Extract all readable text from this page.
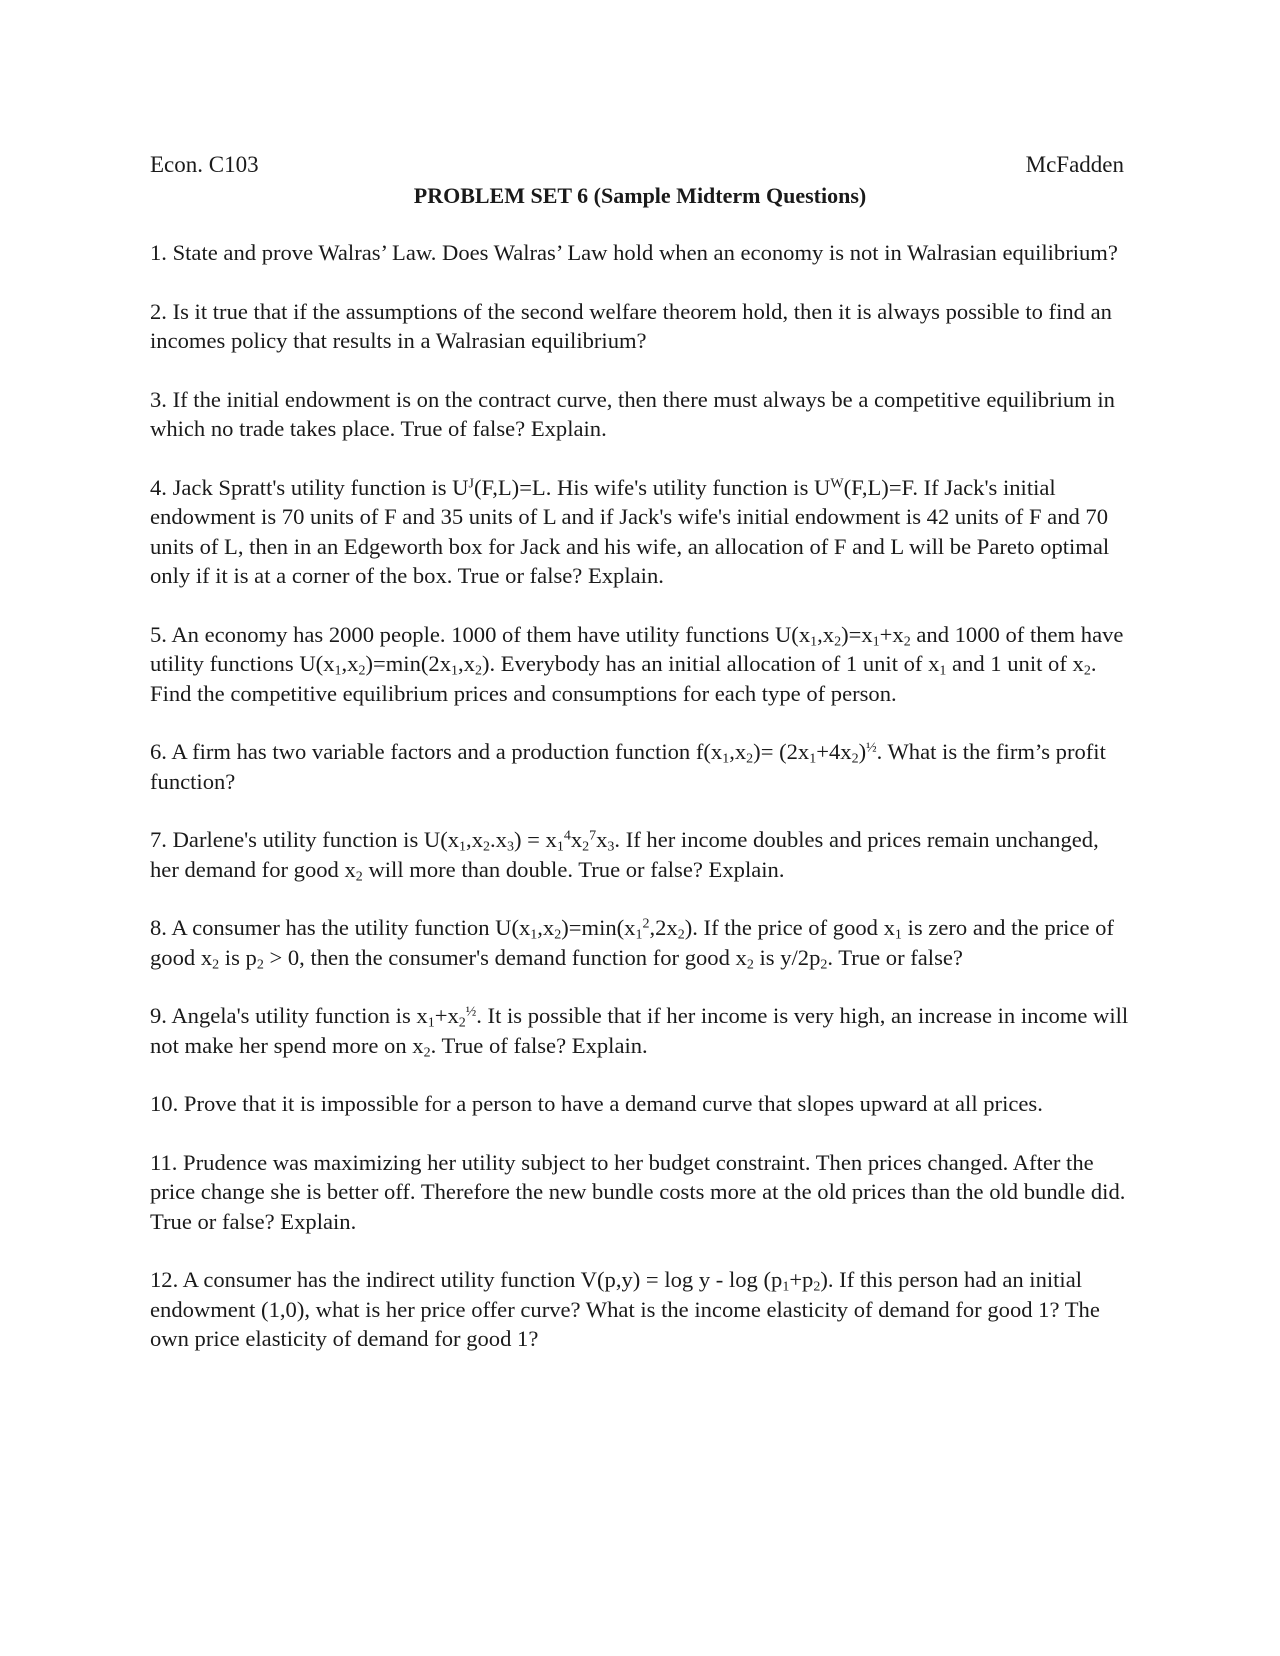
Econ. C103	McFadden
PROBLEM SET 6 (Sample Midterm Questions)

1. State and prove Walras’ Law. Does Walras’ Law hold when an economy is not in Walrasian equilibrium?

2. Is it true that if the assumptions of the second welfare theorem hold, then it is always possible to find an incomes policy that results in a Walrasian equilibrium?

3. If the initial endowment is on the contract curve, then there must always be a competitive equilibrium in which no trade takes place. True of false? Explain.

4. Jack Spratt's utility function is $U^J(F,L)=L$. His wife's utility function is $U^W(F,L)=F$. If Jack's initial endowment is 70 units of F and 35 units of L and if Jack's wife's initial endowment is 42 units of F and 70 units of L, then in an Edgeworth box for Jack and his wife, an allocation of F and L will be Pareto optimal only if it is at a corner of the box. True or false? Explain.

5. An economy has 2000 people. 1000 of them have utility functions $U(x_1,x_2)=x_1+x_2$ and 1000 of them have utility functions $U(x_1,x_2)=\min(2x_1,x_2)$. Everybody has an initial allocation of 1 unit of $x_1$ and 1 unit of $x_2$. Find the competitive equilibrium prices and consumptions for each type of person.

6. A firm has two variable factors and a production function $f(x_1,x_2)= (2x_1+4x_2)^{\frac{1}{2}}$. What is the firm’s profit function?

7. Darlene's utility function is $U(x_1,x_2.x_3) = x_1^4x_2^7x_3$. If her income doubles and prices remain unchanged, her demand for good $x_2$ will more than double. True or false? Explain.

8. A consumer has the utility function $U(x_1,x_2)=\min(x_1^2,2x_2)$. If the price of good $x_1$ is zero and the price of good $x_2$ is $p_2 > 0$, then the consumer's demand function for good $x_2$ is $y/2p_2$. True or false?

9. Angela's utility function is $x_1+x_2^{\frac{1}{2}}$. It is possible that if her income is very high, an increase in income will not make her spend more on $x_2$. True of false? Explain.

10. Prove that it is impossible for a person to have a demand curve that slopes upward at all prices.

11. Prudence was maximizing her utility subject to her budget constraint. Then prices changed. After the price change she is better off. Therefore the new bundle costs more at the old prices than the old bundle did. True or false? Explain.

12. A consumer has the indirect utility function $V(p,y) = \log y - \log (p_1+p_2)$. If this person had an initial endowment (1,0), what is her price offer curve? What is the income elasticity of demand for good 1? The own price elasticity of demand for good 1?
